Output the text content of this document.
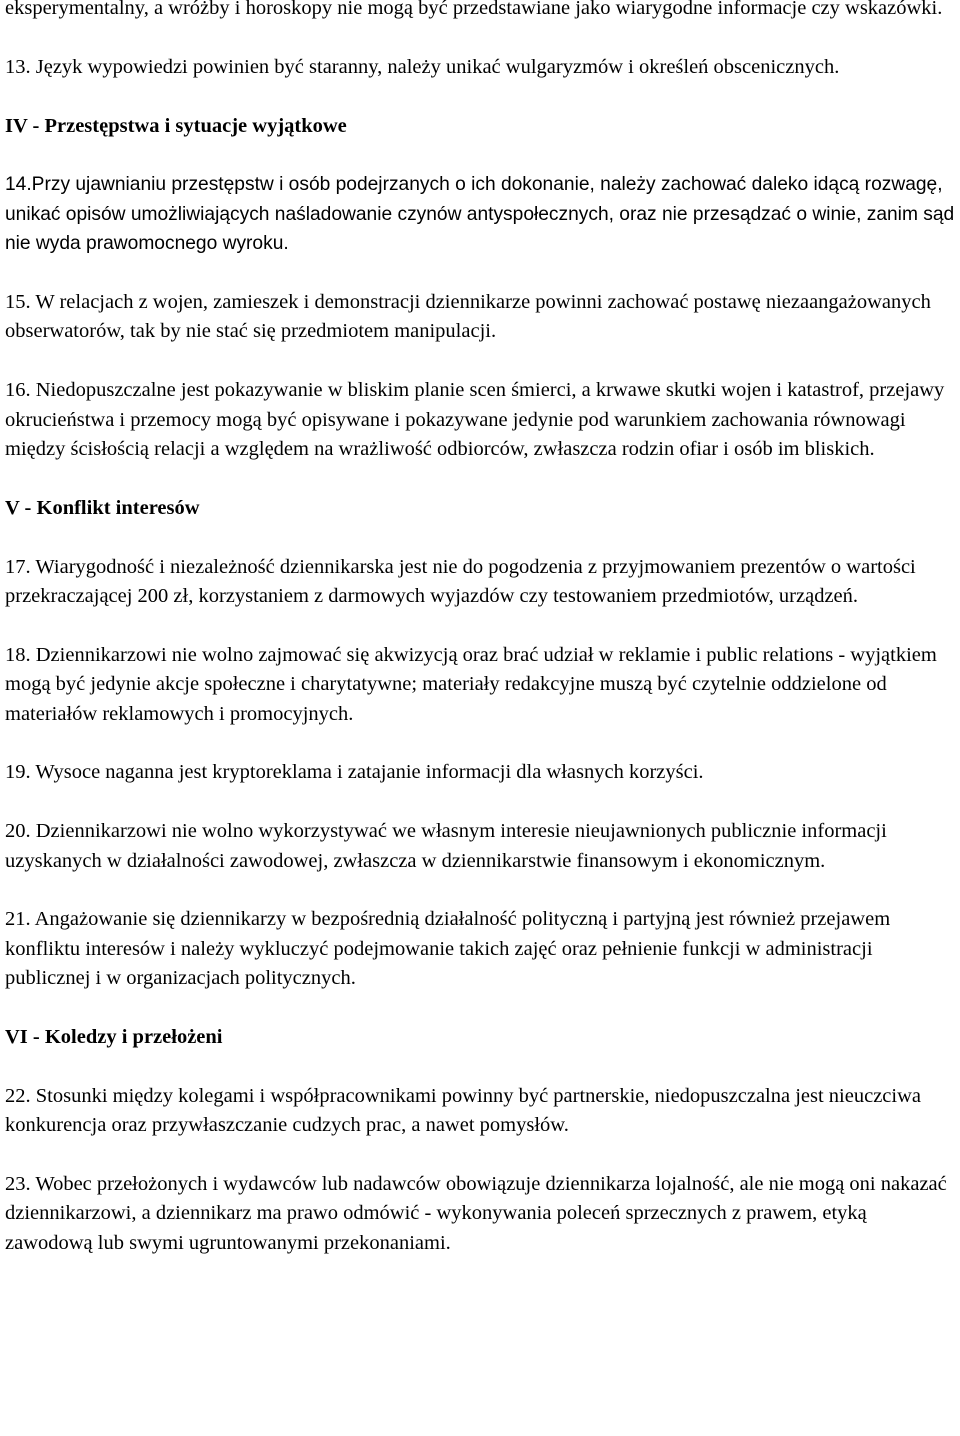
eksperymentalny, a wróżby i horoskopy nie mogą być przedstawiane jako wiarygodne informacje czy wskazówki.

13. Język wypowiedzi powinien być staranny, należy unikać wulgaryzmów i określeń obscenicznych.

IV - Przestępstwa i sytuacje wyjątkowe

14.Przy ujawnianiu przestępstw i osób podejrzanych o ich dokonanie, należy zachować daleko idącą rozwagę, unikać opisów umożliwiających naśladowanie czynów antyspołecznych, oraz nie przesądzać o winie, zanim sąd nie wyda prawomocnego wyroku.

15. W relacjach z wojen, zamieszek i demonstracji dziennikarze powinni zachować postawę niezaangażowanych obserwatorów, tak by nie stać się przedmiotem manipulacji.

16. Niedopuszczalne jest pokazywanie w bliskim planie scen śmierci, a krwawe skutki wojen i katastrof, przejawy okrucieństwa i przemocy mogą być opisywane i pokazywane jedynie pod warunkiem zachowania równowagi między ścisłością relacji a względem na wrażliwość odbiorców, zwłaszcza rodzin ofiar i osób im bliskich.

V - Konflikt interesów

17. Wiarygodność i niezależność dziennikarska jest nie do pogodzenia z przyjmowaniem prezentów o wartości przekraczającej 200 zł, korzystaniem z darmowych wyjazdów czy testowaniem przedmiotów, urządzeń.

18. Dziennikarzowi nie wolno zajmować się akwizycją oraz brać udział w reklamie i public relations - wyjątkiem mogą być jedynie akcje społeczne i charytatywne; materiały redakcyjne muszą być czytelnie oddzielone od materiałów reklamowych i promocyjnych.

19. Wysoce naganna jest kryptoreklama i zatajanie informacji dla własnych korzyści.

20. Dziennikarzowi nie wolno wykorzystywać we własnym interesie nieujawnionych publicznie informacji uzyskanych w działalności zawodowej, zwłaszcza w dziennikarstwie finansowym i ekonomicznym.

21. Angażowanie się dziennikarzy w bezpośrednią działalność polityczną i partyjną jest również przejawem konfliktu interesów i należy wykluczyć podejmowanie takich zajęć oraz pełnienie funkcji w administracji publicznej i w organizacjach politycznych.

VI - Koledzy i przełożeni

22. Stosunki między kolegami i współpracownikami powinny być partnerskie, niedopuszczalna jest nieuczciwa konkurencja oraz przywłaszczanie cudzych prac, a nawet pomysłów.

23. Wobec przełożonych i wydawców lub nadawców obowiązuje dziennikarza lojalność, ale nie mogą oni nakazać dziennikarzowi, a dziennikarz ma prawo odmówić - wykonywania poleceń sprzecznych z prawem, etyką zawodową lub swymi ugruntowanymi przekonaniami.
